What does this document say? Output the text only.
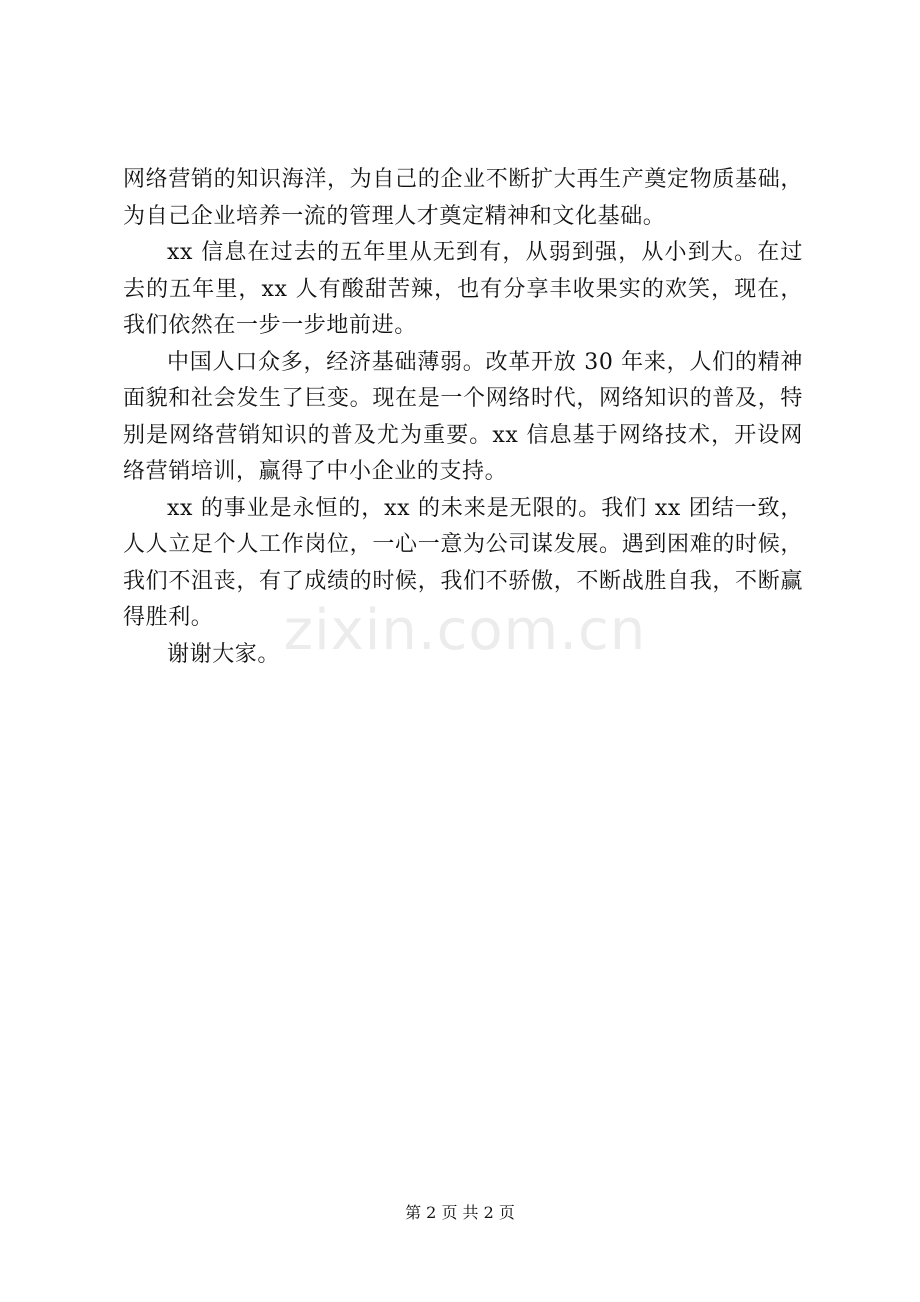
网络营销的知识海洋，为自己的企业不断扩大再生产奠定物质基础，为自己企业培养一流的管理人才奠定精神和文化基础。

xx 信息在过去的五年里从无到有，从弱到强，从小到大。在过去的五年里，xx 人有酸甜苦辣，也有分享丰收果实的欢笑，现在，我们依然在一步一步地前进。

中国人口众多，经济基础薄弱。改革开放 30 年来，人们的精神面貌和社会发生了巨变。现在是一个网络时代，网络知识的普及，特别是网络营销知识的普及尤为重要。xx 信息基于网络技术，开设网络营销培训，赢得了中小企业的支持。

xx 的事业是永恒的，xx 的未来是无限的。我们 xx 团结一致，人人立足个人工作岗位，一心一意为公司谋发展。遇到困难的时候，我们不沮丧，有了成绩的时候，我们不骄傲，不断战胜自我，不断赢得胜利。

谢谢大家。 zixin.com.cn
第 2 页 共 2 页
